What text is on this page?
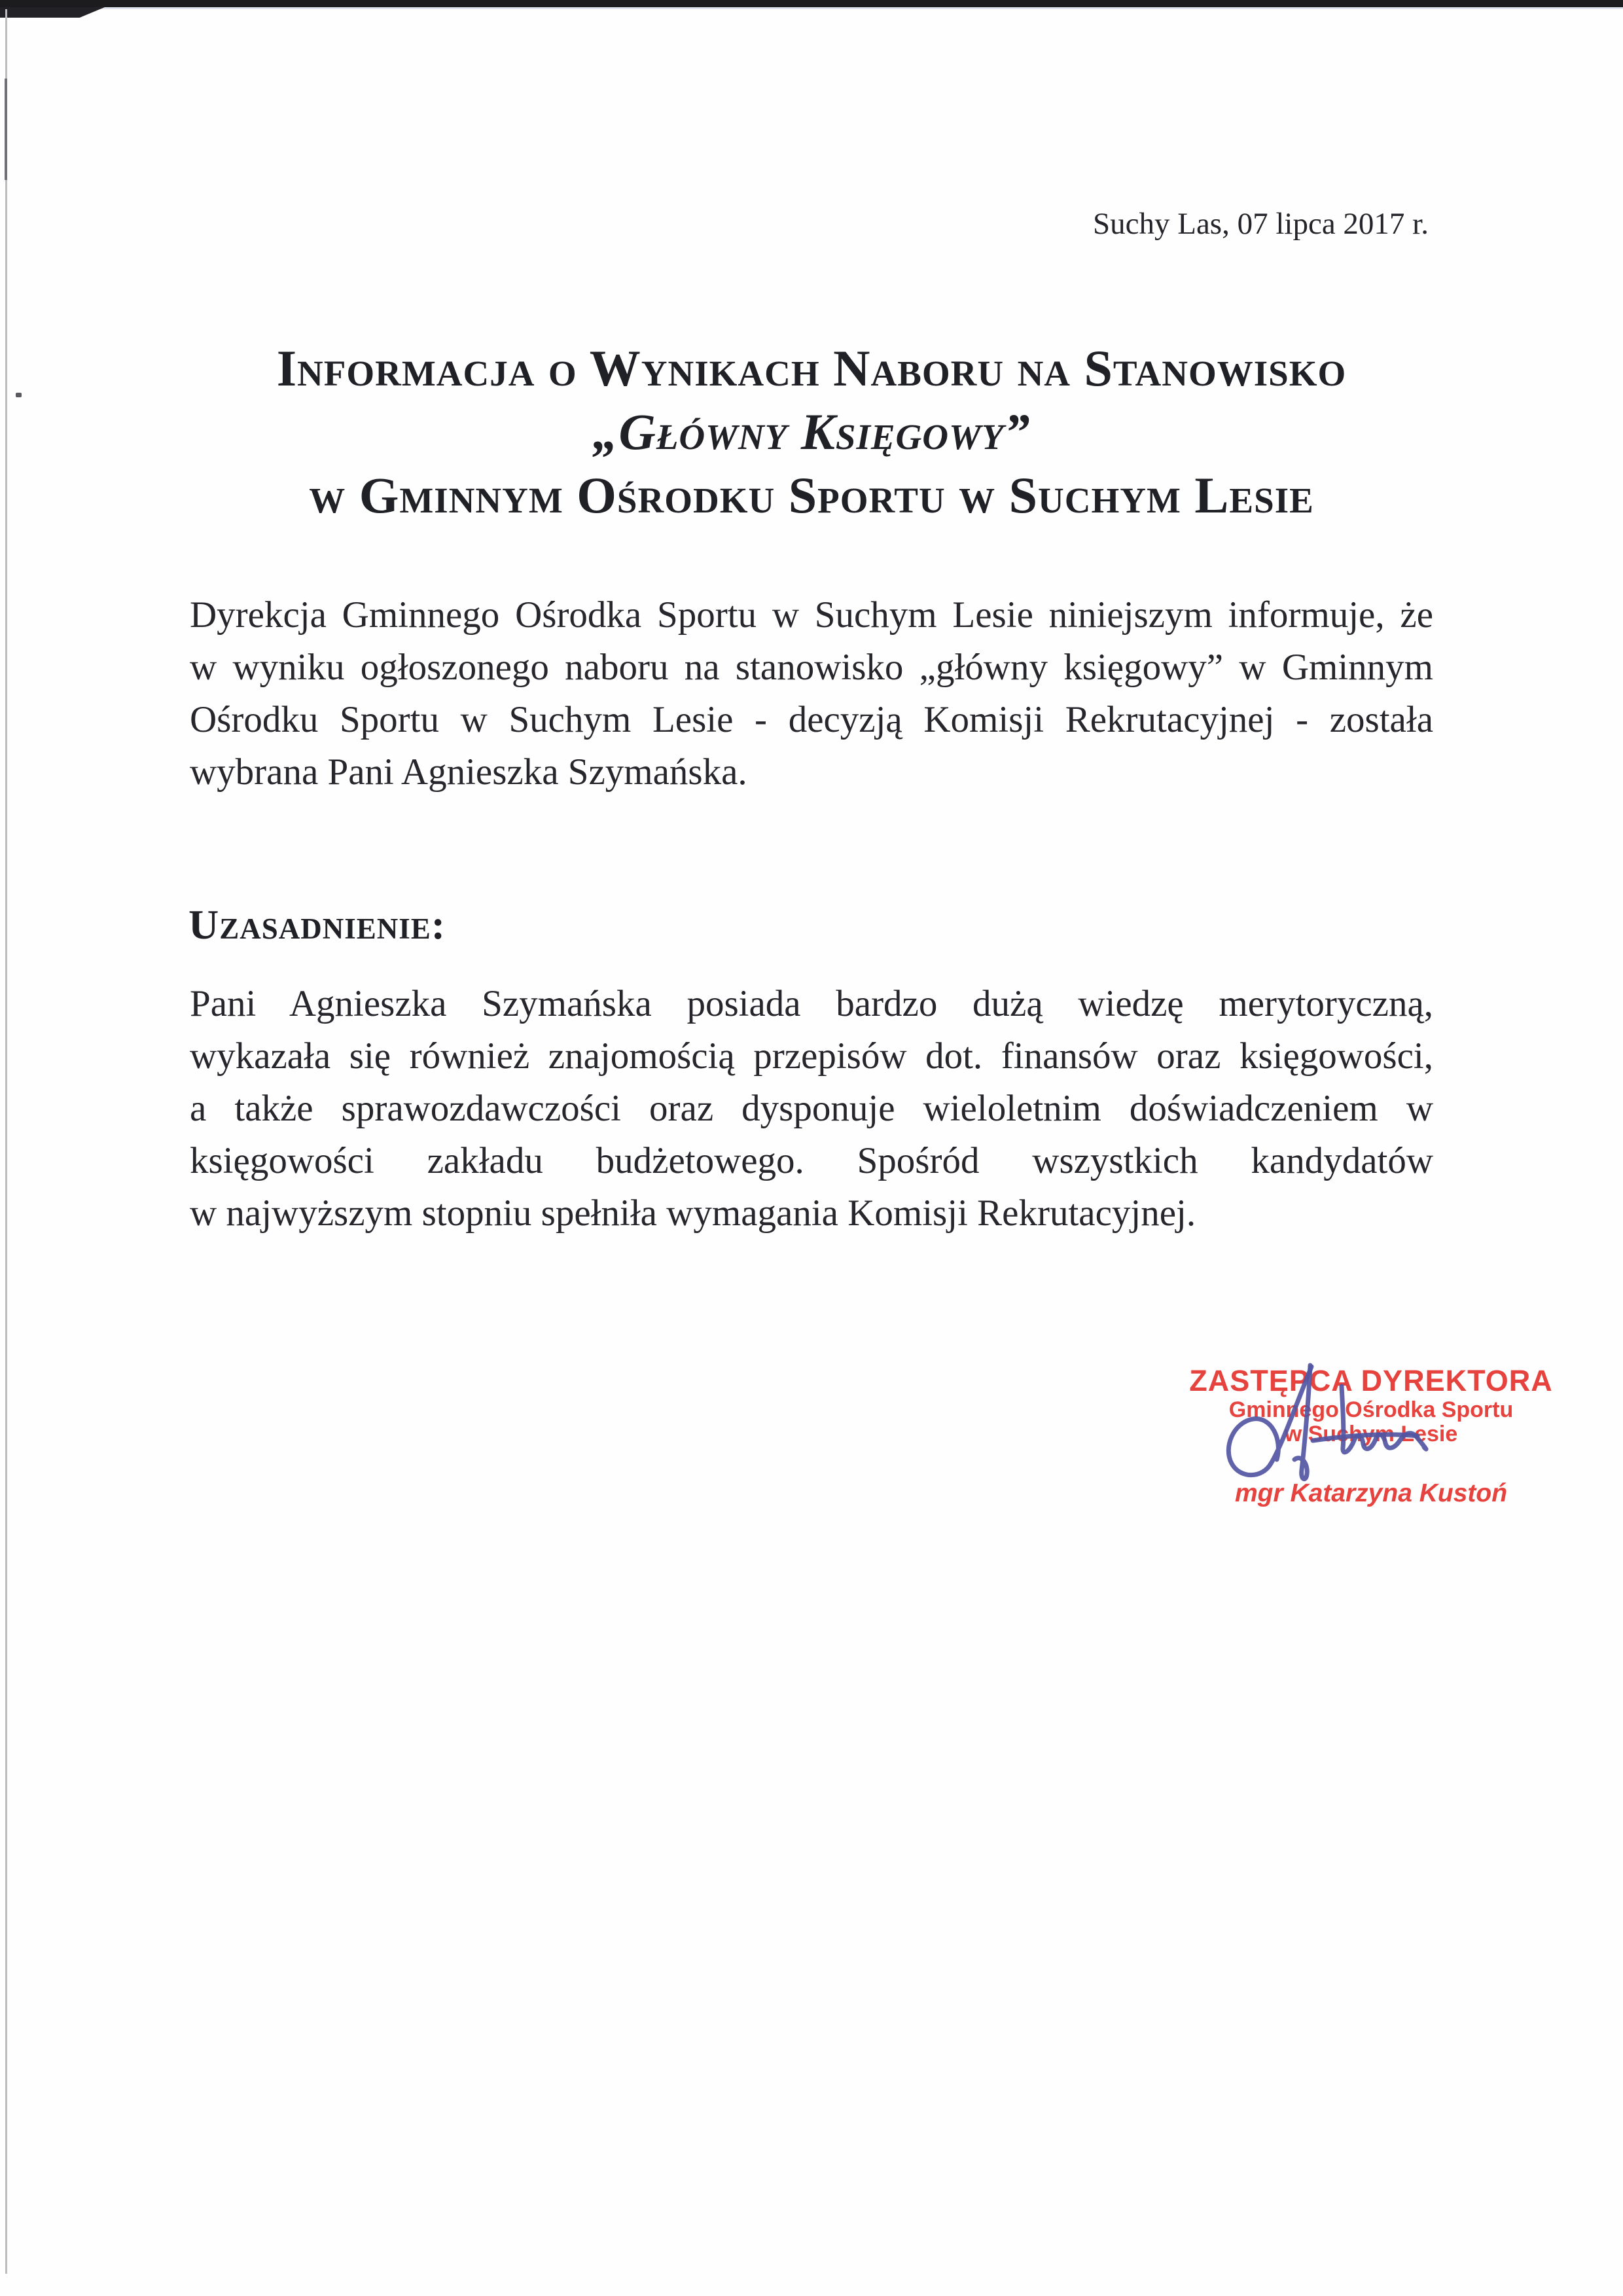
Suchy Las, 07 lipca 2017 r.
Informacja o Wynikach Naboru na Stanowisko
„Główny Księgowy”
w Gminnym Ośrodku Sportu w Suchym Lesie
Dyrekcja Gminnego Ośrodka Sportu w Suchym Lesie niniejszym informuje, że
w wyniku ogłoszonego naboru na stanowisko „główny księgowy” w Gminnym
Ośrodku Sportu w Suchym Lesie - decyzją Komisji Rekrutacyjnej - została
wybrana Pani Agnieszka Szymańska.
Uzasadnienie:
Pani Agnieszka Szymańska posiada bardzo dużą wiedzę merytoryczną,
wykazała się również znajomością przepisów dot. finansów oraz księgowości,
a także sprawozdawczości oraz dysponuje wieloletnim doświadczeniem w
księgowości zakładu budżetowego. Spośród wszystkich kandydatów
w najwyższym stopniu spełniła wymagania Komisji Rekrutacyjnej.
ZASTĘPCA DYREKTORA
Gminnego Ośrodka Sportu
w Suchym Lesie
mgr Katarzyna Kustoń
